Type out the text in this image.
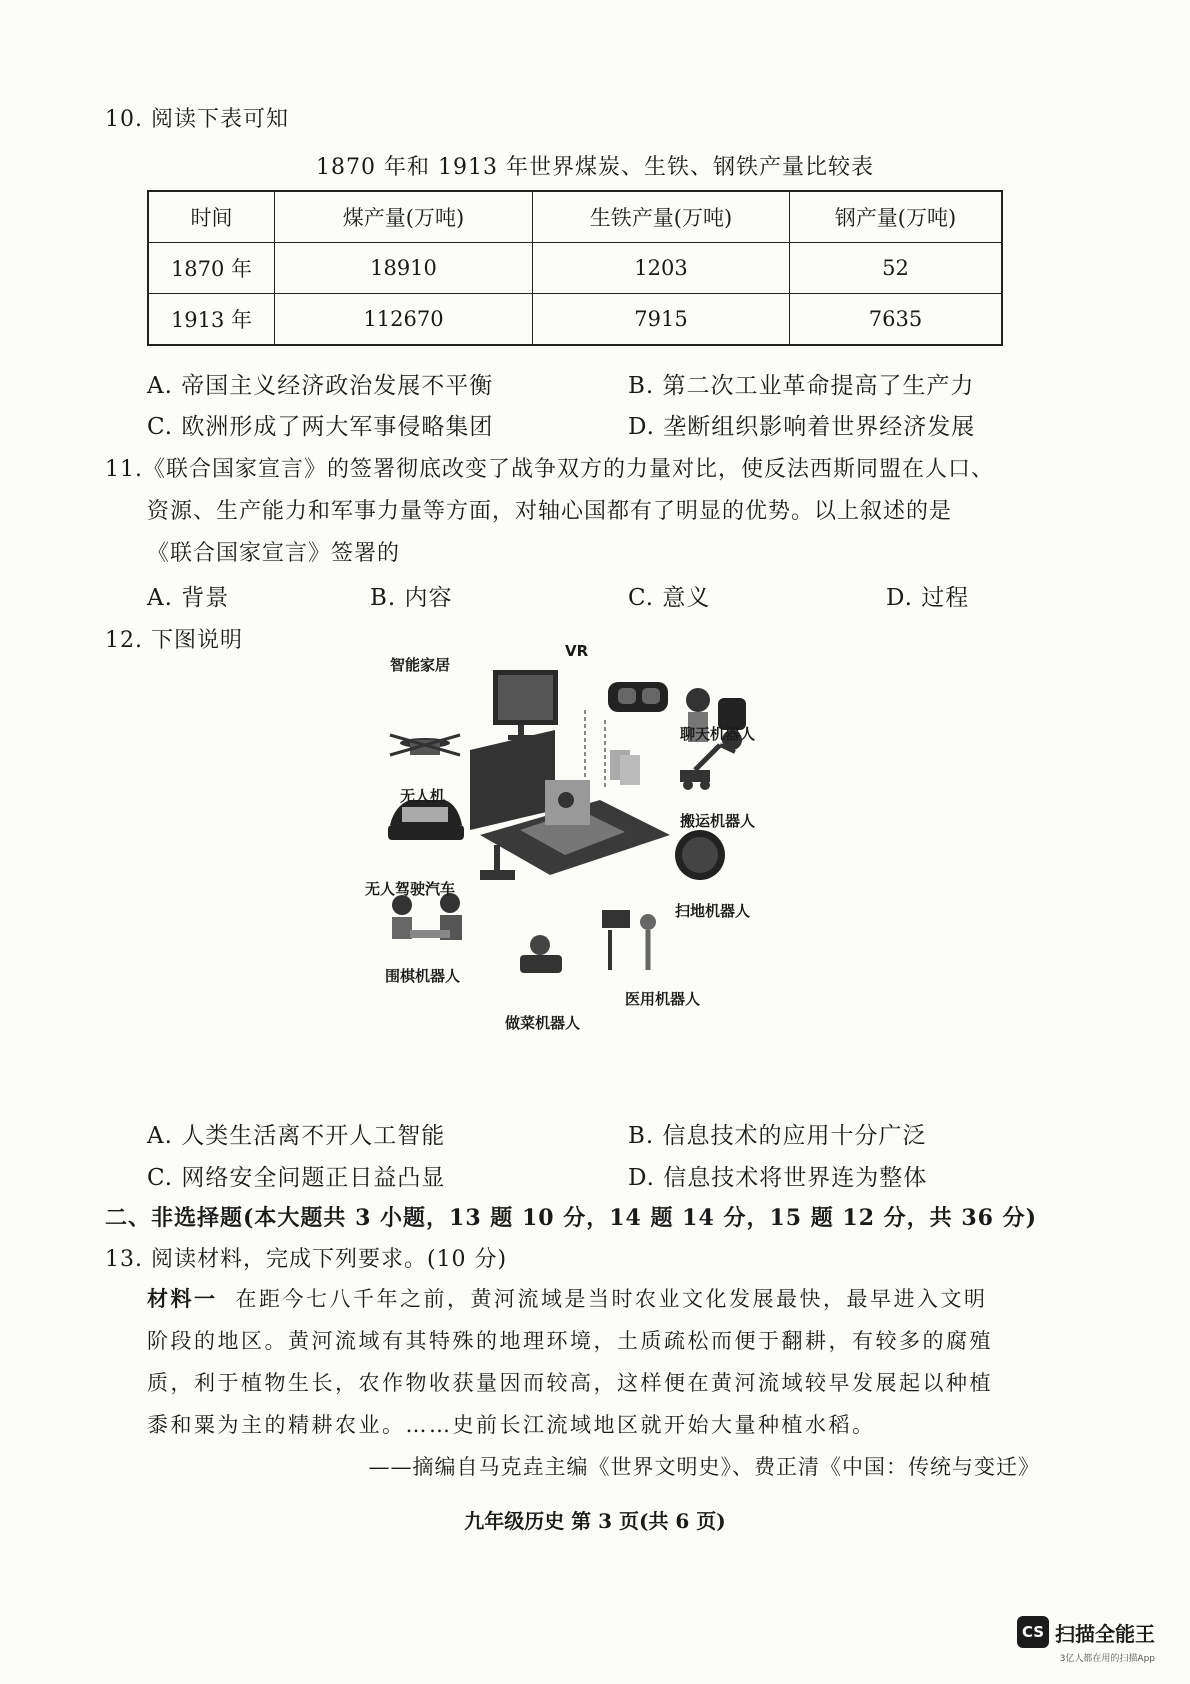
10. 阅读下表可知
1870 年和 1913 年世界煤炭、生铁、钢铁产量比较表
时间	煤产量(万吨)	生铁产量(万吨)	钢产量(万吨)
1870 年	18910	1203	52
1913 年	112670	7915	7635
A. 帝国主义经济政治发展不平衡	B. 第二次工业革命提高了生产力
C. 欧洲形成了两大军事侵略集团	D. 垄断组织影响着世界经济发展
11.《联合国家宣言》的签署彻底改变了战争双方的力量对比，使反法西斯同盟在人口、
资源、生产能力和军事力量等方面，对轴心国都有了明显的优势。以上叙述的是
《联合国家宣言》签署的
A. 背景	B. 内容	C. 意义	D. 过程
12. 下图说明
智能家居
VR
聊天机器人
无人机
搬运机器人
无人驾驶汽车
扫地机器人
围棋机器人
医用机器人
做菜机器人
A. 人类生活离不开人工智能	B. 信息技术的应用十分广泛
C. 网络安全问题正日益凸显	D. 信息技术将世界连为整体
二、非选择题(本大题共 3 小题，13 题 10 分，14 题 14 分，15 题 12 分，共 36 分)
13. 阅读材料，完成下列要求。(10 分)
材料一 在距今七八千年之前，黄河流域是当时农业文化发展最快，最早进入文明
阶段的地区。黄河流域有其特殊的地理环境，土质疏松而便于翻耕，有较多的腐殖
质，利于植物生长，农作物收获量因而较高，这样便在黄河流域较早发展起以种植
黍和粟为主的精耕农业。……史前长江流域地区就开始大量种植水稻。
——摘编自马克垚主编《世界文明史》、费正清《中国：传统与变迁》
九年级历史 第 3 页(共 6 页)
CS 扫描全能王
3亿人都在用的扫描App
